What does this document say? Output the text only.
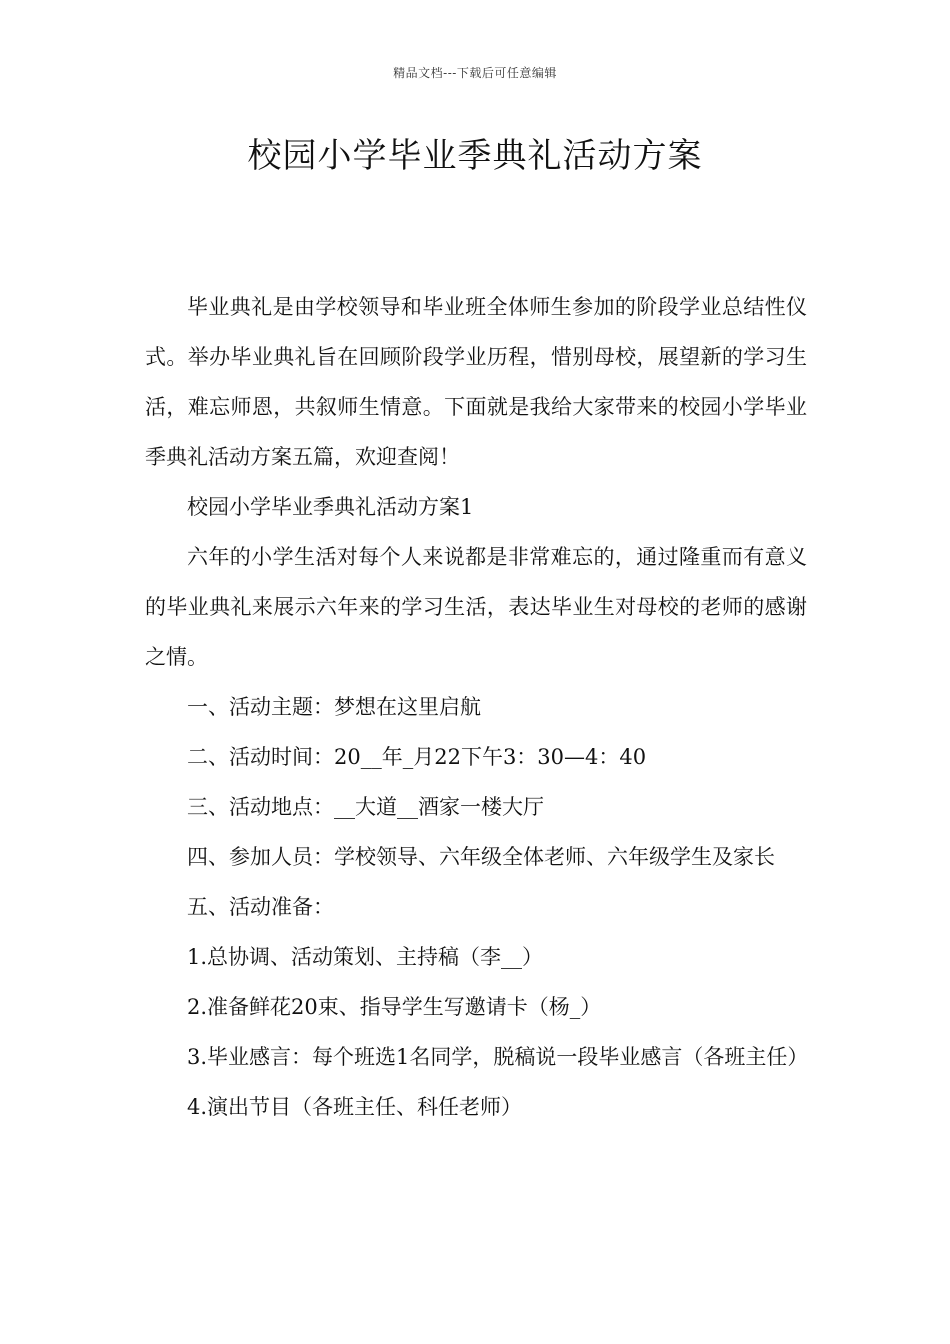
精品文档---下载后可任意编辑
校园小学毕业季典礼活动方案

毕业典礼是由学校领导和毕业班全体师生参加的阶段学业总结性仪式。举办毕业典礼旨在回顾阶段学业历程，惜别母校，展望新的学习生活，难忘师恩，共叙师生情意。下面就是我给大家带来的校园小学毕业季典礼活动方案五篇，欢迎查阅！

校园小学毕业季典礼活动方案1

六年的小学生活对每个人来说都是非常难忘的，通过隆重而有意义的毕业典礼来展示六年来的学习生活，表达毕业生对母校的老师的感谢之情。

一、活动主题：梦想在这里启航

二、活动时间：20__年_月22下午3：30—4：40

三、活动地点：__大道__酒家一楼大厅

四、参加人员：学校领导、六年级全体老师、六年级学生及家长

五、活动准备：

1.总协调、活动策划、主持稿（李__）

2.准备鲜花20束、指导学生写邀请卡（杨_）

3.毕业感言：每个班选1名同学，脱稿说一段毕业感言（各班主任）

4.演出节目（各班主任、科任老师）
